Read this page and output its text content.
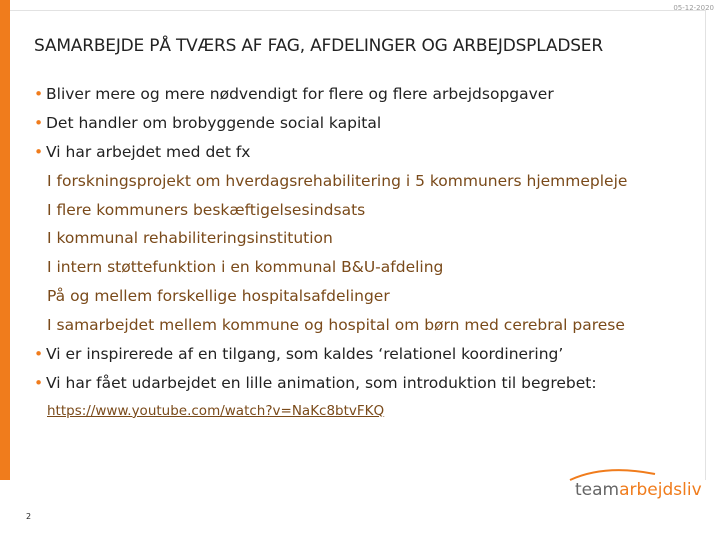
05-12-2020
SAMARBEJDE PÅ TVÆRS AF FAG, AFDELINGER OG ARBEJDSPLADSER
• Bliver mere og mere nødvendigt for flere og flere arbejdsopgaver
• Det handler om brobyggende social kapital
• Vi har arbejdet med det fx
I forskningsprojekt om hverdagsrehabilitering i 5 kommuners hjemmepleje
I flere kommuners beskæftigelsesindsats
I kommunal rehabiliteringsinstitution
I intern støttefunktion i en kommunal B&U-afdeling
På og mellem forskellige hospitalsafdelinger
I samarbejdet mellem kommune og hospital om børn med cerebral parese
• Vi er inspirerede af en tilgang, som kaldes ‘relationel koordinering’
• Vi har fået udarbejdet en lille animation, som introduktion til begrebet:
https://www.youtube.com/watch?v=NaKc8btvFKQ
teamarbejdsliv
2
